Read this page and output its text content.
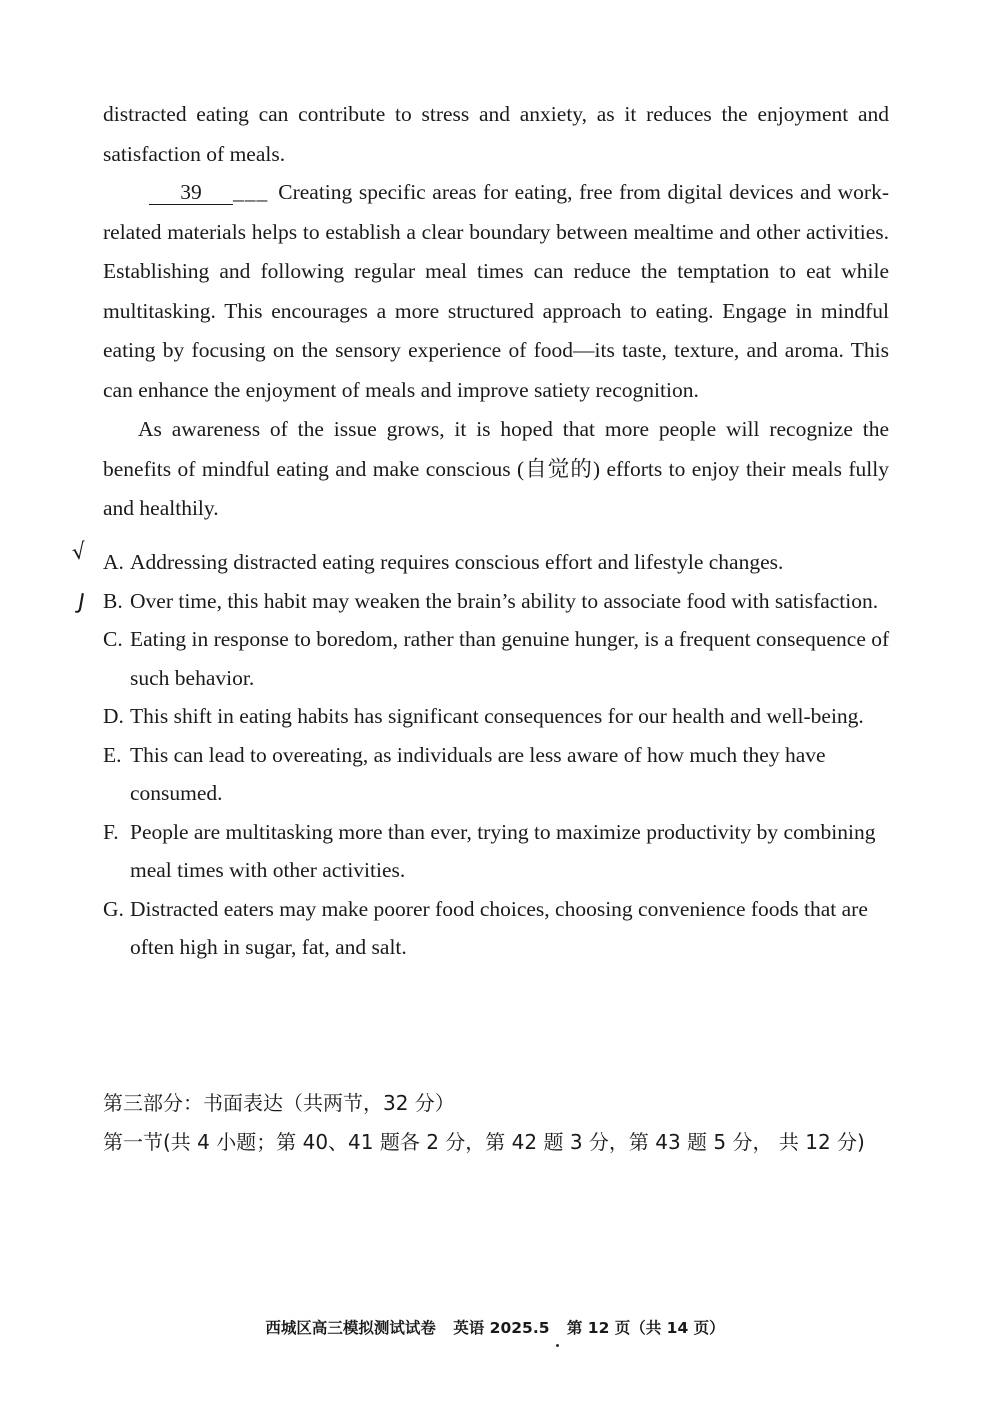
distracted eating can contribute to stress and anxiety, as it reduces the enjoyment and satisfaction of meals.

39 ___ Creating specific areas for eating, free from digital devices and work-related materials helps to establish a clear boundary between mealtime and other activities. Establishing and following regular meal times can reduce the temptation to eat while multitasking. This encourages a more structured approach to eating. Engage in mindful eating by focusing on the sensory experience of food—its taste, texture, and aroma. This can enhance the enjoyment of meals and improve satiety recognition.

As awareness of the issue grows, it is hoped that more people will recognize the benefits of mindful eating and make conscious (自觉的) efforts to enjoy their meals fully and healthily.

√
J

A. Addressing distracted eating requires conscious effort and lifestyle changes.

B. Over time, this habit may weaken the brain’s ability to associate food with satisfaction.

C. Eating in response to boredom, rather than genuine hunger, is a frequent consequence of such behavior.

D. This shift in eating habits has significant consequences for our health and well-being.

E. This can lead to overeating, as individuals are less aware of how much they have consumed.

F. People are multitasking more than ever, trying to maximize productivity by combining meal times with other activities.

G. Distracted eaters may make poorer food choices, choosing convenience foods that are often high in sugar, fat, and salt.

第三部分：书面表达（共两节，32 分）

第一节(共 4 小题；第 40、41 题各 2 分，第 42 题 3 分，第 43 题 5 分， 共 12 分)

西城区高三模拟测试试卷 英语 2025.5 第 12 页（共 14 页）
